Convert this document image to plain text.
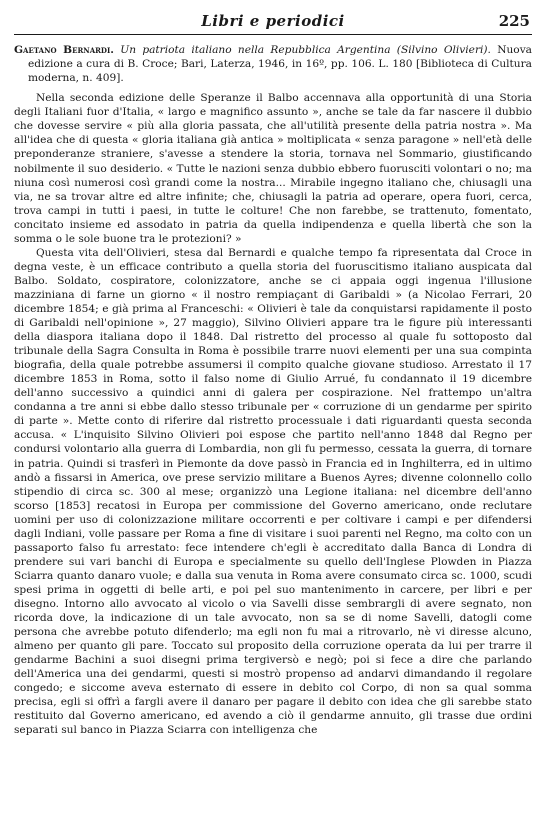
Libri e periodici	225

Gaetano Bernardi. Un patriota italiano nella Repubblica Argentina (Silvino Olivieri). Nuova edizione a cura di B. Croce; Bari, Laterza, 1946, in 16º, pp. 106. L. 180 [Biblioteca di Cultura moderna, n. 409].

Nella seconda edizione delle Speranze il Balbo accennava alla opportunità di una Storia degli Italiani fuor d'Italia, « largo e magnifico assunto », anche se tale da far nascere il dubbio che dovesse servire « più alla gloria passata, che all'utilità presente della patria nostra ». Ma all'idea che di questa « gloria italiana già antica » moltiplicata « senza paragone » nell'età delle preponderanze straniere, s'avesse a stendere la storia, tornava nel Sommario, giustificando nobilmente il suo desiderio. « Tutte le nazioni senza dubbio ebbero fuorusciti volontari o no; ma niuna così numerosi così grandi come la nostra... Mirabile ingegno italiano che, chiusagli una via, ne sa trovar altre ed altre infinite; che, chiusagli la patria ad operare, opera fuori, cerca, trova campi in tutti i paesi, in tutte le colture! Che non farebbe, se trattenuto, fomentato, concitato insieme ed assodato in patria da quella indipendenza e quella libertà che son la somma o le sole buone tra le protezioni? »

Questa vita dell'Olivieri, stesa dal Bernardi e qualche tempo fa ripresentata dal Croce in degna veste, è un efficace contributo a quella storia del fuoruscitismo italiano auspicata dal Balbo. Soldato, cospiratore, colonizzatore, anche se ci appaia oggi ingenua l'illusione mazziniana di farne un giorno « il nostro rempiaçant di Garibaldi » (a Nicolao Ferrari, 20 dicembre 1854; e già prima al Franceschi: « Olivieri è tale da conquistarsi rapidamente il posto di Garibaldi nell'opinione », 27 maggio), Silvino Olivieri appare tra le figure più interessanti della diaspora italiana dopo il 1848. Dal ristretto del processo al quale fu sottoposto dal tribunale della Sagra Consulta in Roma è possibile trarre nuovi elementi per una sua compinta biografia, della quale potrebbe assumersi il compito qualche giovane studioso. Arrestato il 17 dicembre 1853 in Roma, sotto il falso nome di Giulio Arrué, fu condannato il 19 dicembre dell'anno successivo a quindici anni di galera per cospirazione. Nel frattempo un'altra condanna a tre anni si ebbe dallo stesso tribunale per « corruzione di un gendarme per spirito di parte ». Mette conto di riferire dal ristretto processuale i dati riguardanti questa seconda accusa. « L'inquisito Silvino Olivieri poi espose che partito nell'anno 1848 dal Regno per condursi volontario alla guerra di Lombardia, non gli fu permesso, cessata la guerra, di tornare in patria. Quindi si trasferì in Piemonte da dove passò in Francia ed in Inghilterra, ed in ultimo andò a fissarsi in America, ove prese servizio militare a Buenos Ayres; divenne colonnello collo stipendio di circa sc. 300 al mese; organizzò una Legione italiana: nel dicembre dell'anno scorso [1853] recatosi in Europa per commissione del Governo americano, onde reclutare uomini per uso di colonizzazione militare occorrenti e per coltivare i campi e per difendersi dagli Indiani, volle passare per Roma a fine di visitare i suoi parenti nel Regno, ma colto con un passaporto falso fu arrestato: fece intendere ch'egli è accreditato dalla Banca di Londra di prendere sui vari banchi di Europa e specialmente su quello dell'Inglese Plowden in Piazza Sciarra quanto danaro vuole; e dalla sua venuta in Roma avere consumato circa sc. 1000, scudi spesi prima in oggetti di belle arti, e poi pel suo mantenimento in carcere, per libri e per disegno. Intorno allo avvocato al vicolo o via Savelli disse sembrargli di avere segnato, non ricorda dove, la indicazione di un tale avvocato, non sa se di nome Savelli, datogli come persona che avrebbe potuto difenderlo; ma egli non fu mai a ritrovarlo, nè vi diresse alcuno, almeno per quanto gli pare. Toccato sul proposito della corruzione operata da lui per trarre il gendarme Bachini a suoi disegni prima tergiversò e negò; poi si fece a dire che parlando dell'America una dei gendarmi, questi si mostrò propenso ad andarvi dimandando il regolare congedo; e siccome aveva esternato di essere in debito col Corpo, di non sa qual somma precisa, egli si offrì a fargli avere il danaro per pagare il debito con idea che gli sarebbe stato restituito dal Governo americano, ed avendo a ciò il gendarme annuito, gli trasse due ordini separati sul banco in Piazza Sciarra con intelligenza che
